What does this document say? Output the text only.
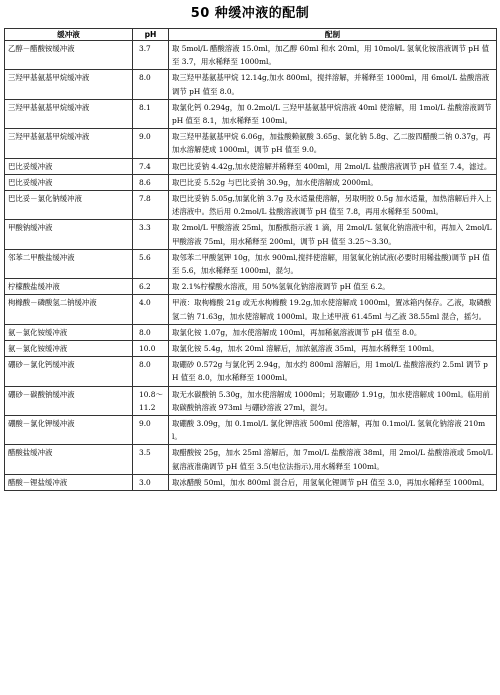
50 种缓冲液的配制
缓冲液	pH	配制
乙醇－醋酸铵缓冲液	3.7	取 5mol/L 醋酸溶液 15.0ml，加乙醇 60ml 和水 20ml，用 10mol/L 氢氧化铵溶液调节 pH 值至 3.7，用水稀释至 1000ml。
三羟甲基氨基甲烷缓冲液	8.0	取三羟甲基氨基甲烷 12.14g,加水 800ml，搅拌溶解，并稀释至 1000ml，用 6mol/L 盐酸溶液调节 pH 值至 8.0。
三羟甲基氨基甲烷缓冲液	8.1	取氯化钙 0.294g，加 0.2mol/L 三羟甲基氨基甲烷溶液 40ml 使溶解，用 1mol/L 盐酸溶液调节 pH 值至 8.1，加水稀释至 100ml。
三羟甲基氨基甲烷缓冲液	9.0	取三羟甲基氨基甲烷 6.06g，加盐酸赖氨酸 3.65g、氯化钠 5.8g、乙二胺四醋酸二钠 0.37g，再加水溶解使成 1000ml，调节 pH 值至 9.0。
巴比妥缓冲液	7.4	取巴比妥钠 4.42g,加水使溶解并稀释至 400ml，用 2mol/L 盐酸溶液调节 pH 值至 7.4，滤过。
巴比妥缓冲液	8.6	取巴比妥 5.52g 与巴比妥钠 30.9g，加水使溶解成 2000ml。
巴比妥－氯化钠缓冲液	7.8	取巴比妥钠 5.05g,加氯化钠 3.7g 及水适量使溶解，另取明胶 0.5g 加水适量，加热溶解后并入上述溶液中。然后用 0.2mol/L 盐酸溶液调节 pH 值至 7.8，再用水稀释至 500ml。
甲酸钠缓冲液	3.3	取 2mol/L 甲酸溶液 25ml，加酚酞指示液 1 滴，用 2mol/L 氢氧化钠溶液中和，再加入 2mol/L 甲酸溶液 75ml，用水稀释至 200ml，调节 pH 值至 3.25～3.30。
邻苯二甲酸盐缓冲液	5.6	取邻苯二甲酸氢钾 10g，加水 900ml,搅拌使溶解，用氢氧化钠试液(必要时用稀盐酸)调节 pH 值至 5.6，加水稀释至 1000ml，混匀。
柠檬酸盐缓冲液	6.2	取 2.1%柠檬酸水溶液，用 50%氢氧化钠溶液调节 pH 值至 6.2。
枸橼酸－磷酸氢二钠缓冲液	4.0	甲液：取枸橼酸 21g 或无水枸橼酸 19.2g,加水使溶解成 1000ml，置冰箱内保存。乙液，取磷酸氢二钠 71.63g，加水使溶解成 1000ml。取上述甲液 61.45ml 与乙液 38.55ml 混合，摇匀。
氨－氯化铵缓冲液	8.0	取氯化铵 1.07g，加水使溶解成 100ml，再加稀氨溶液调节 pH 值至 8.0。
氨－氯化铵缓冲液	10.0	取氯化铵 5.4g，加水 20ml 溶解后，加浓氨溶液 35ml，再加水稀释至 100ml。
硼砂－氯化钙缓冲液	8.0	取硼砂 0.572g 与氯化钙 2.94g，加水约 800ml 溶解后，用 1mol/L 盐酸溶液约 2.5ml 调节 pH 值至 8.0，加水稀释至 1000ml。
硼砂－碳酸钠缓冲液	10.8～11.2	取无水碳酸钠 5.30g，加水使溶解成 1000ml；另取硼砂 1.91g，加水使溶解成 100ml。临用前取碳酸钠溶液 973ml 与硼砂溶液 27ml，混匀。
硼酸－氯化钾缓冲液	9.0	取硼酸 3.09g，加 0.1mol/L 氯化钾溶液 500ml 使溶解，再加 0.1mol/L 氢氧化钠溶液 210ml。
醋酸盐缓冲液	3.5	取醋酸铵 25g，加水 25ml 溶解后，加 7mol/L 盐酸溶液 38ml，用 2mol/L 盐酸溶液或 5mol/L 氨溶液准确调节 pH 值至 3.5(电位法指示),用水稀释至 100ml。
醋酸－锂盐缓冲液	3.0	取冰醋酸 50ml，加水 800ml 混合后，用氢氧化锂调节 pH 值至 3.0，再加水稀释至 1000ml。
